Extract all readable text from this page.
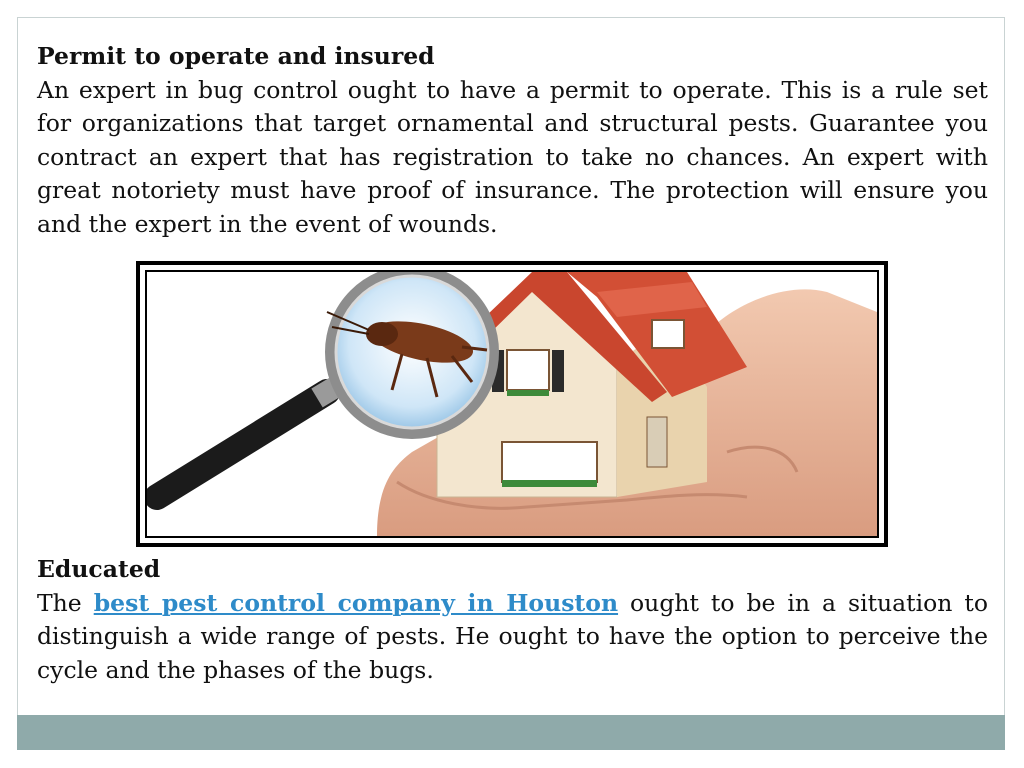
Permit to operate and insured
An expert in bug control ought to have a permit to operate. This is a rule set for organizations that target ornamental and structural pests. Guarantee you contract an expert that has registration to take no chances. An expert with great notoriety must have proof of insurance. The protection will ensure you and the expert in the event of wounds.
Educated
The best pest control company in Houston ought to be in a situation to distinguish a wide range of pests. He ought to have the option to perceive the cycle and the phases of the bugs.
